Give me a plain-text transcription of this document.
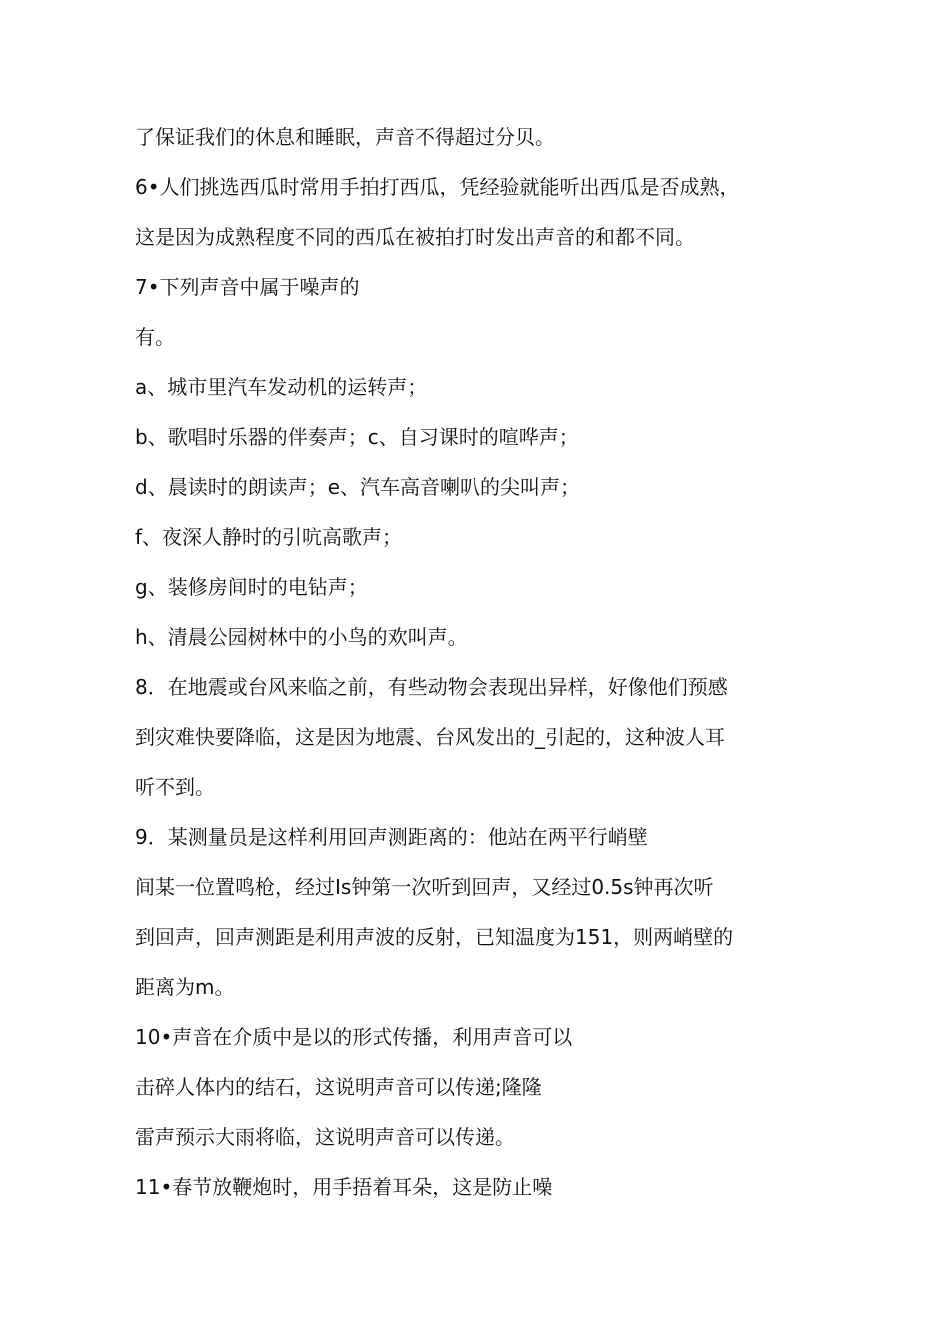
了保证我们的休息和睡眠，声音不得超过分贝。
6•人们挑选西瓜时常用手拍打西瓜，凭经验就能听出西瓜是否成熟，
这是因为成熟程度不同的西瓜在被拍打时发出声音的和都不同。
7•下列声音中属于噪声的
有。
a、城市里汽车发动机的运转声；
b、歌唱时乐器的伴奏声；c、自习课时的喧哗声；
d、晨读时的朗读声；e、汽车高音喇叭的尖叫声；
f、夜深人静时的引吭高歌声；
g、装修房间时的电钻声；
h、清晨公园树林中的小鸟的欢叫声。
8．在地震或台风来临之前，有些动物会表现出异样，好像他们预感
到灾难快要降临，这是因为地震、台风发出的_引起的，这种波人耳
听不到。
9．某测量员是这样利用回声测距离的：他站在两平行峭壁
间某一位置鸣枪，经过Is钟第一次听到回声，又经过0.5s钟再次听
到回声，回声测距是利用声波的反射，已知温度为151，则两峭壁的
距离为m。
10•声音在介质中是以的形式传播，利用声音可以
击碎人体内的结石，这说明声音可以传递;隆隆
雷声预示大雨将临，这说明声音可以传递。
11•春节放鞭炮时，用手捂着耳朵，这是防止噪
